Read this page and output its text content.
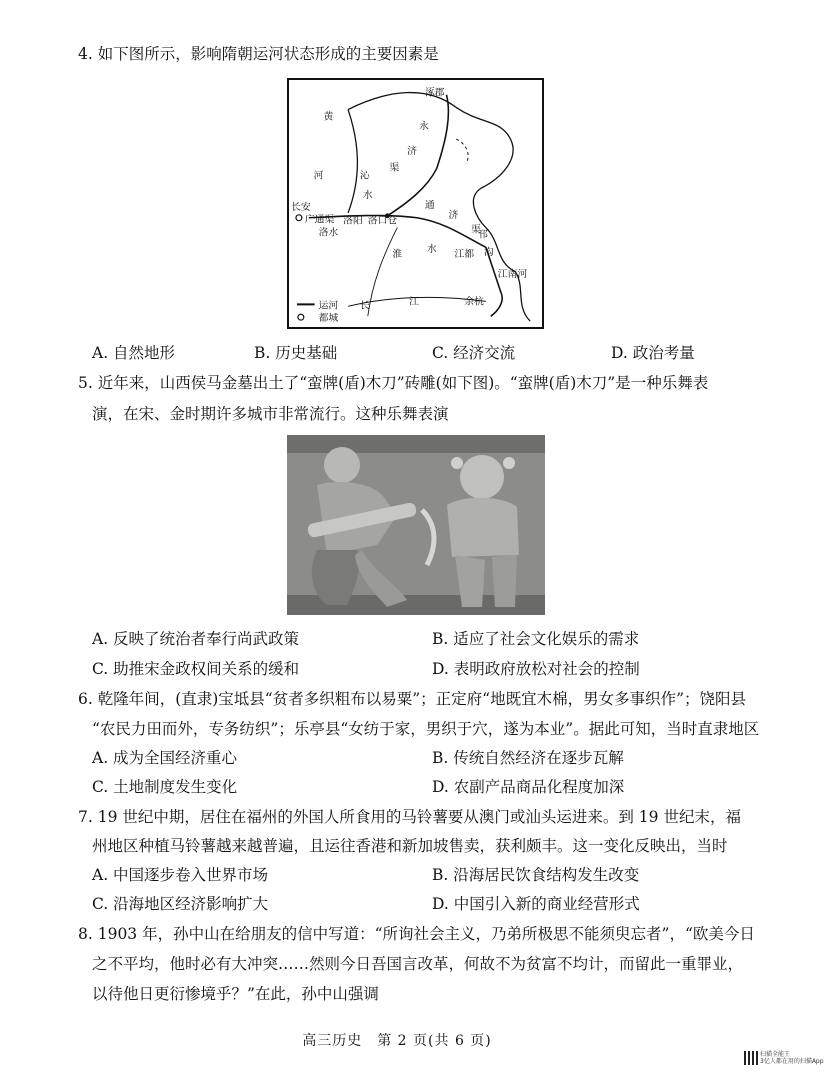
4. 如下图所示，影响隋朝运河状态形成的主要因素是
涿郡
黄
河
永
济
沁
渠
水
长安	通
广通渠
洛水
洛阳 洛口仓
济
渠
淮 水 江都
邗
沟
江南河
长	江	余杭
运河
都城
A. 自然地形	B. 历史基础	C. 经济交流	D. 政治考量
5. 近年来，山西侯马金墓出土了“蛮牌(盾)木刀”砖雕(如下图)。“蛮牌(盾)木刀”是一种乐舞表
演，在宋、金时期许多城市非常流行。这种乐舞表演
A. 反映了统治者奉行尚武政策	B. 适应了社会文化娱乐的需求
C. 助推宋金政权间关系的缓和	D. 表明政府放松对社会的控制
6. 乾隆年间，(直隶)宝坻县“贫者多织粗布以易粟”；正定府“地既宜木棉，男女多事织作”；饶阳县
“农民力田而外，专务纺织”；乐亭县“女纺于家，男织于穴，遂为本业”。据此可知，当时直隶地区
A. 成为全国经济重心	B. 传统自然经济在逐步瓦解
C. 土地制度发生变化	D. 农副产品商品化程度加深
7. 19 世纪中期，居住在福州的外国人所食用的马铃薯要从澳门或汕头运进来。到 19 世纪末，福
州地区种植马铃薯越来越普遍，且运往香港和新加坡售卖，获利颇丰。这一变化反映出，当时
A. 中国逐步卷入世界市场	B. 沿海居民饮食结构发生改变
C. 沿海地区经济影响扩大	D. 中国引入新的商业经营形式
8. 1903 年，孙中山在给朋友的信中写道：“所询社会主义，乃弟所极思不能须臾忘者”，“欧美今日
之不平均，他时必有大冲突……然则今日吾国言改革，何故不为贫富不均计，而留此一重罪业，
以待他日更衍惨境乎？”在此，孙中山强调
高三历史　第 2 页(共 6 页)
扫描全能王
3亿人都在用的扫描App
